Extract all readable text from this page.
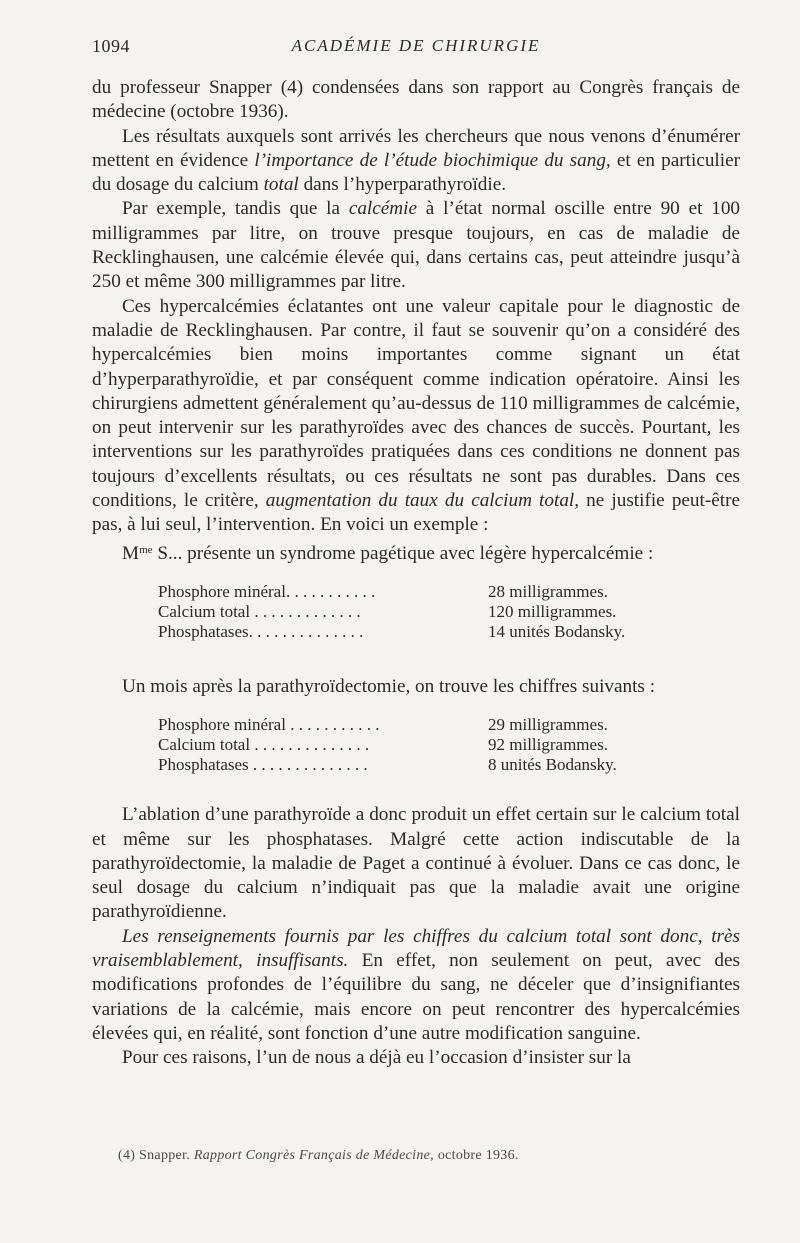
1094	ACADÉMIE DE CHIRURGIE

du professeur Snapper (4) condensées dans son rapport au Congrès français de médecine (octobre 1936).

Les résultats auxquels sont arrivés les chercheurs que nous venons d’énumérer mettent en évidence l’importance de l’étude biochimique du sang, et en particulier du dosage du calcium total dans l’hyperparathyroïdie.

Par exemple, tandis que la calcémie à l’état normal oscille entre 90 et 100 milligrammes par litre, on trouve presque toujours, en cas de maladie de Recklinghausen, une calcémie élevée qui, dans certains cas, peut atteindre jusqu’à 250 et même 300 milligrammes par litre.

Ces hypercalcémies éclatantes ont une valeur capitale pour le diagnostic de maladie de Recklinghausen. Par contre, il faut se souvenir qu’on a considéré des hypercalcémies bien moins importantes comme signant un état d’hyperparathyroïdie, et par conséquent comme indication opératoire. Ainsi les chirurgiens admettent généralement qu’au-dessus de 110 milligrammes de calcémie, on peut intervenir sur les parathyroïdes avec des chances de succès. Pourtant, les interventions sur les parathyroïdes pratiquées dans ces conditions ne donnent pas toujours d’excellents résultats, ou ces résultats ne sont pas durables. Dans ces conditions, le critère, augmentation du taux du calcium total, ne justifie peut-être pas, à lui seul, l’intervention. En voici un exemple :

$M^{me}$ S... présente un syndrome pagétique avec légère hypercalcémie :

Phosphore minéral. . . . . . . . . . .	28 milligrammes.
Calcium total . . . . . . . . . . . . .	120 milligrammes.
Phosphatases. . . . . . . . . . . . . .	14 unités Bodansky.

Un mois après la parathyroïdectomie, on trouve les chiffres suivants :

Phosphore minéral . . . . . . . . . . .	29 milligrammes.
Calcium total . . . . . . . . . . . . . .	92 milligrammes.
Phosphatases . . . . . . . . . . . . . .	8 unités Bodansky.

L’ablation d’une parathyroïde a donc produit un effet certain sur le calcium total et même sur les phosphatases. Malgré cette action indiscutable de la parathyroïdectomie, la maladie de Paget a continué à évoluer. Dans ce cas donc, le seul dosage du calcium n’indiquait pas que la maladie avait une origine parathyroïdienne.

Les renseignements fournis par les chiffres du calcium total sont donc, très vraisemblablement, insuffisants. En effet, non seulement on peut, avec des modifications profondes de l’équilibre du sang, ne déceler que d’insignifiantes variations de la calcémie, mais encore on peut rencontrer des hypercalcémies élevées qui, en réalité, sont fonction d’une autre modification sanguine.

Pour ces raisons, l’un de nous a déjà eu l’occasion d’insister sur la

(4) Snapper. Rapport Congrès Français de Médecine, octobre 1936.
